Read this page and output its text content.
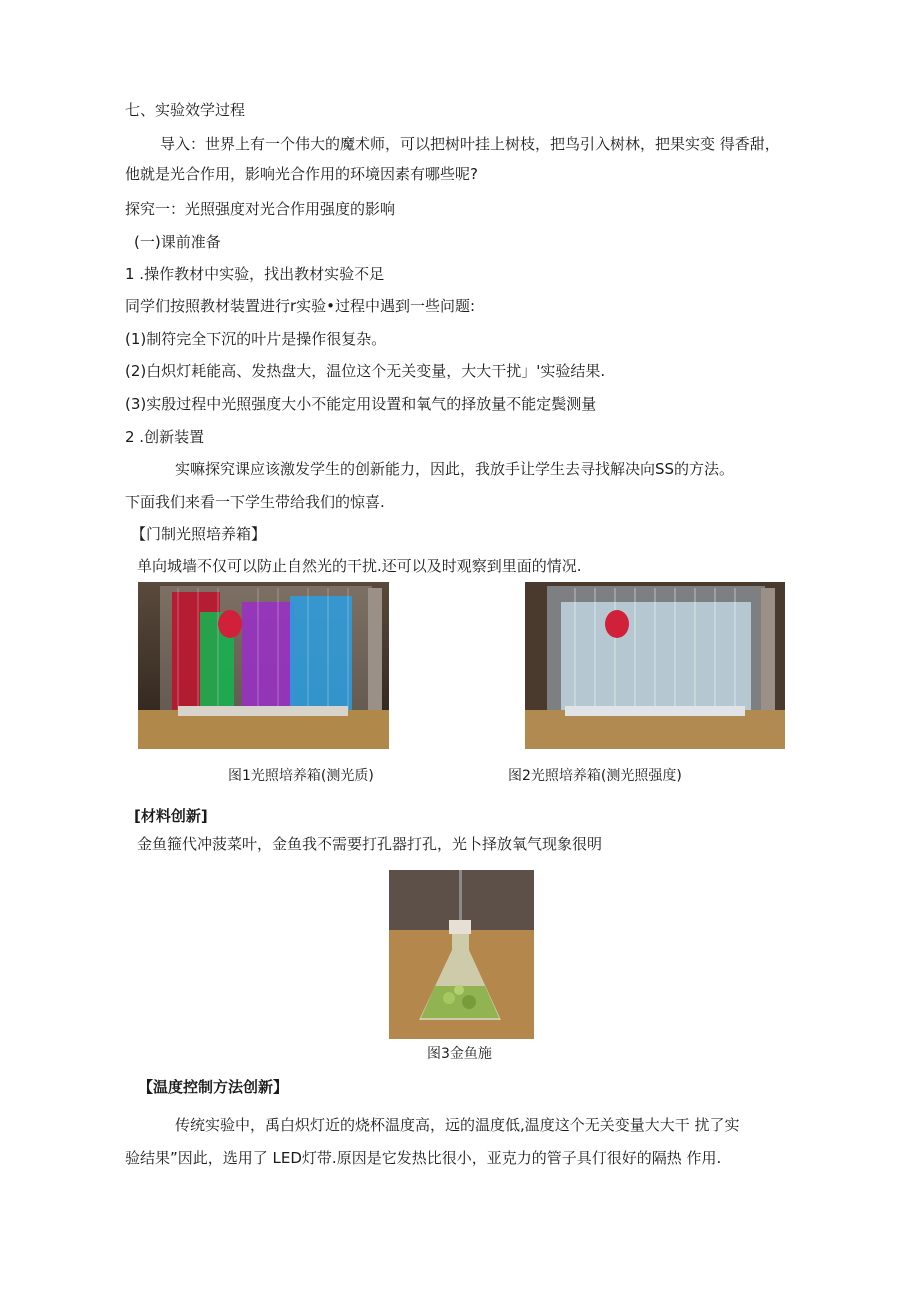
七、实验效学过程
导入：世界上有一个伟大的魔术师，可以把树叶挂上树枝，把鸟引入树林，把果实变 得香甜，
他就是光合作用，影响光合作用的环境因素有哪些呢?
探究一：光照强度对光合作用强度的影响
(一)课前准备
1 .操作教材中实验，找出教材实验不足
同学们按照教材装置进行r实验•过程中遇到一些问题:
(1)制符完全下沉的叶片是操作很复杂。
(2)白炽灯耗能高、发热盘大，温位这个无关变量，大大干扰」'实验结果.
(3)实殷过程中光照强度大小不能定用设置和氧气的择放量不能定鬓测量
2 .创新装置
实嘛探究课应该激发学生的创新能力，因此，我放手让学生去寻找解决向SS的方法。
下面我们来看一下学生带给我们的惊喜.
【门制光照培养箱】
单向城墙不仅可以防止自然光的干扰.还可以及时观察到里面的情况.
图1光照培养箱(测光质)	图2光照培养箱(测光照强度)
[材料创新]
金鱼箍代冲菠菜叶，金鱼我不需要打孔器打孔，光卜择放氧气现象很明
图3金鱼施
【温度控制方法创新】
传统实验中，禹白炽灯近的烧杯温度高，远的温度低,温度这个无关变量大大干 扰了实
验结果”因此，选用了 LED灯带.原因是它发热比很小，亚克力的管子具仃很好的隔热 作用.
